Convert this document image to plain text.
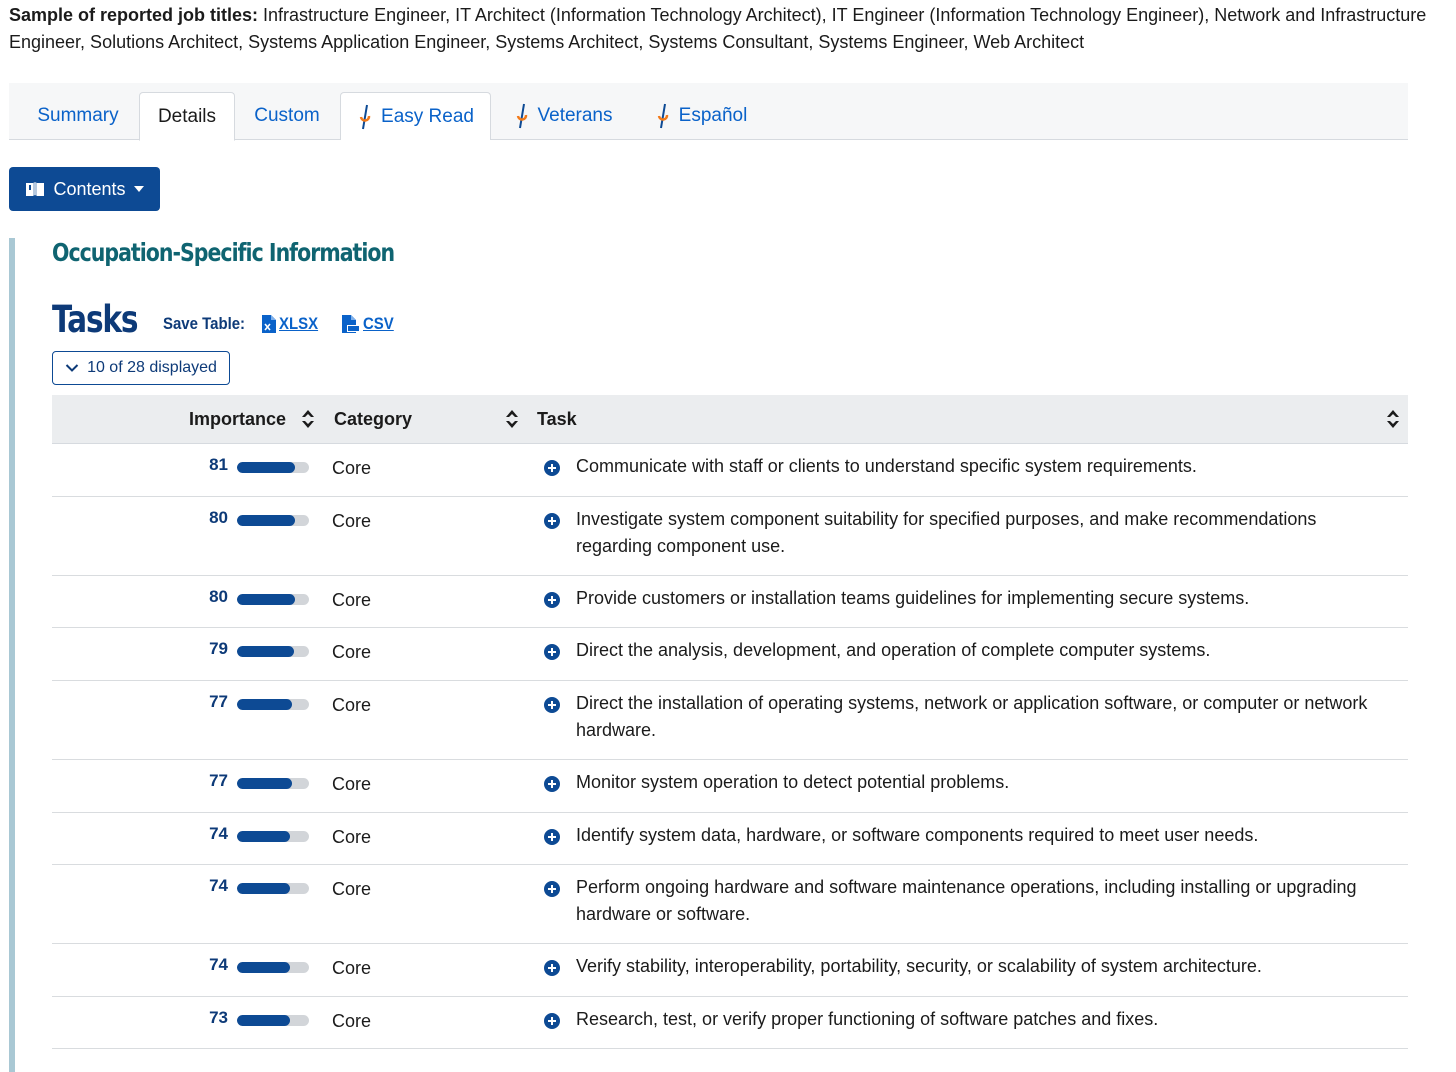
Sample of reported job titles: Infrastructure Engineer, IT Architect (Information Technology Architect), IT Engineer (Information Technology Engineer), Network and Infrastructure Engineer, Solutions Architect, Systems Application Engineer, Systems Architect, Systems Consultant, Systems Engineer, Web Architect

Summary Details Custom	Easy Read	Veterans	Español
Contents
Occupation-Specific Information
Tasks Save Table: XLSX	CSV
10 of 28 displayed
Importance	Category	Task
81	Core	Communicate with staff or clients to understand specific system requirements.
80	Core	Investigate system component suitability for specified purposes, and make recommendations regarding component use.
80	Core	Provide customers or installation teams guidelines for implementing secure systems.
79	Core	Direct the analysis, development, and operation of complete computer systems.
77	Core	Direct the installation of operating systems, network or application software, or computer or network hardware.
77	Core	Monitor system operation to detect potential problems.
74	Core	Identify system data, hardware, or software components required to meet user needs.
74	Core	Perform ongoing hardware and software maintenance operations, including installing or upgrading hardware or software.
74	Core	Verify stability, interoperability, portability, security, or scalability of system architecture.
73	Core	Research, test, or verify proper functioning of software patches and fixes.
